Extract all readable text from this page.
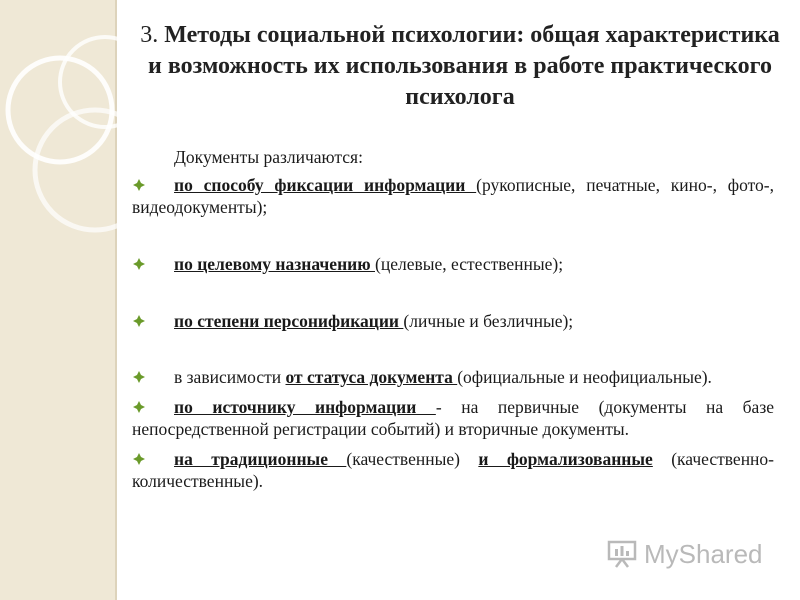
3. Методы социальной психологии: общая характеристика и возможность их использования в работе практического психолога
Документы различаются:
по способу фиксации информации (рукописные, печатные, кино-, фото-, видеодокументы);
по целевому назначению (целевые, естественные);
по степени персонификации (личные и безличные);
в зависимости от статуса документа (официальные и неофициальные).
по источнику информации - на первичные (документы на базе непосредственной регистрации событий) и вторичные документы.
на традиционные (качественные) и формализованные (качественно-количественные).
MyShared
